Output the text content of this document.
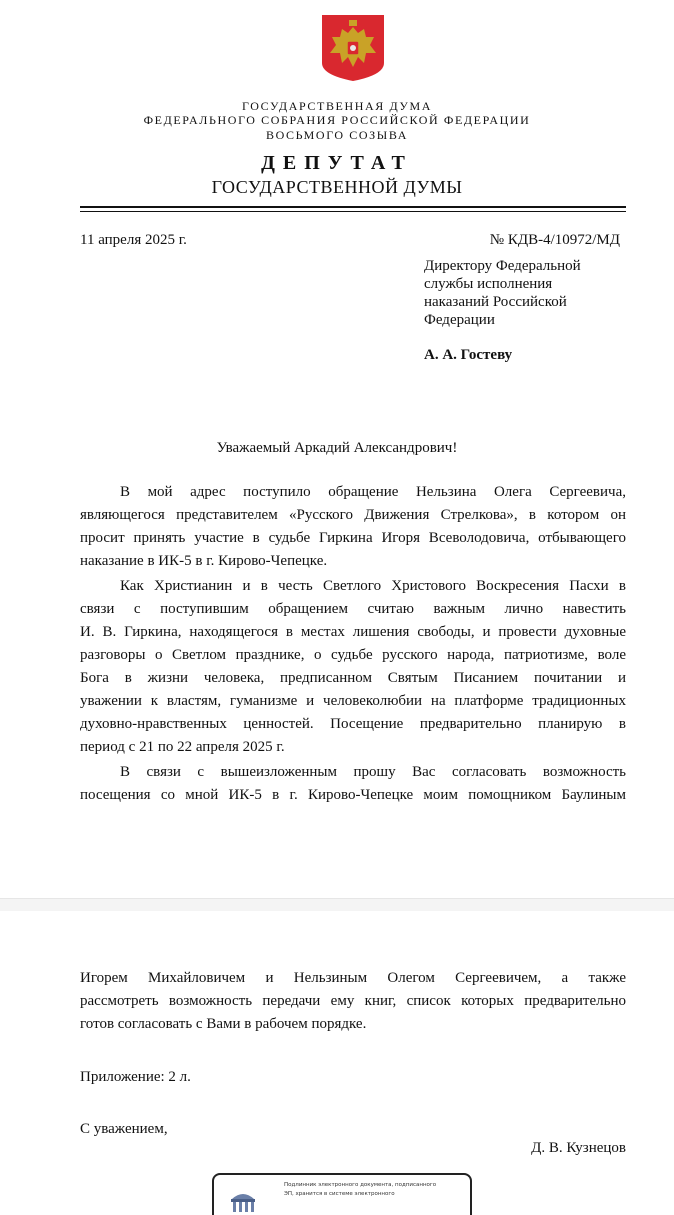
ГОСУДАРСТВЕННАЯ ДУМА
ФЕДЕРАЛЬНОГО СОБРАНИЯ РОССИЙСКОЙ ФЕДЕРАЦИИ
ВОСЬМОГО СОЗЫВА
ДЕПУТАТ
ГОСУДАРСТВЕННОЙ ДУМЫ
11 апреля 2025 г.	№ КДВ-4/10972/МД
Директору Федеральной
службы исполнения
наказаний Российской
Федерации
А. А. Гостеву
Уважаемый Аркадий Александрович!
В мой адрес поступило обращение Нельзина Олега Сергеевича,
являющегося представителем «Русского Движения Стрелкова», в котором он
просит принять участие в судьбе Гиркина Игоря Всеволодовича, отбывающего
наказание в ИК-5 в г. Кирово-Чепецке.
Как Христианин и в честь Светлого Христового Воскресения Пасхи в
связи с поступившим обращением считаю важным лично навестить
И. В. Гиркина, находящегося в местах лишения свободы, и провести духовные
разговоры о Светлом празднике, о судьбе русского народа, патриотизме, воле
Бога в жизни человека, предписанном Святым Писанием почитании и
уважении к властям, гуманизме и человеколюбии на платформе традиционных
духовно-нравственных ценностей. Посещение предварительно планирую в
период с 21 по 22 апреля 2025 г.
В связи с вышеизложенным прошу Вас согласовать возможность
посещения со мной ИК-5 в г. Кирово-Чепецке моим помощником Баулиным
Игорем Михайловичем и Нельзиным Олегом Сергеевичем, а также
рассмотреть возможность передачи ему книг, список которых предварительно
готов согласовать с Вами в рабочем порядке.
Приложение: 2 л.
С уважением,
Д. В. Кузнецов
Подлинник электронного документа, подписанного
ЭП, хранится в системе электронного
